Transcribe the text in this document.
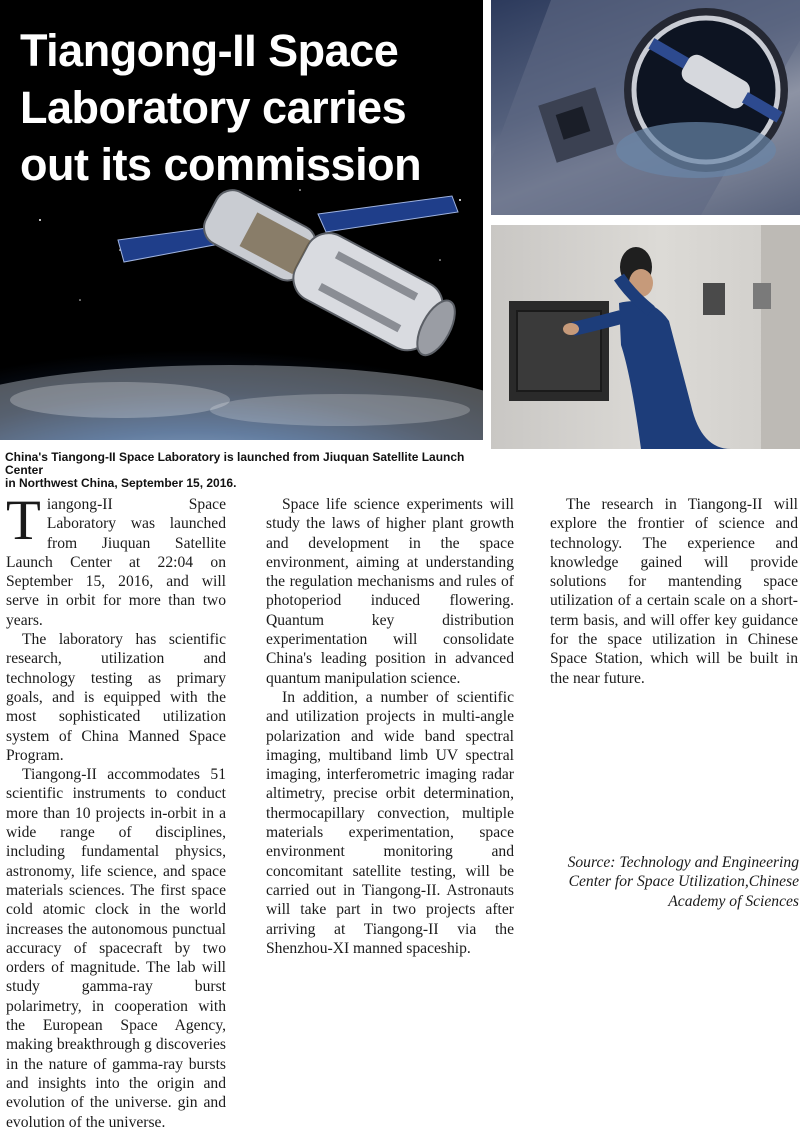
Tiangong-II Space
Laboratory carries
out its commission
China's Tiangong-II Space Laboratory is launched from Jiuquan Satellite Launch Center
in Northwest China, September 15, 2016.

Tiangong-II Space Laboratory was launched from Jiuquan Satellite Launch Center at 22:04 on September 15, 2016, and will serve in orbit for more than two years.

The laboratory has scientific research, utilization and technology testing as primary goals, and is equipped with the most sophisticated utilization system of China Manned Space Program.

Tiangong-II accommodates 51 scientific instruments to conduct more than 10 projects in-orbit in a wide range of disciplines, including fundamental physics, astronomy, life science, and space materials sciences. The first space cold atomic clock in the world increases the autonomous punctual accuracy of spacecraft by two orders of magnitude. The lab will study gamma-ray burst polarimetry, in cooperation with the European Space Agency, making breakthrough g discoveries in the nature of gamma-ray bursts and insights into the origin and evolution of the universe. gin and evolution of the universe.

Space life science experiments will study the laws of higher plant growth and development in the space environment, aiming at understanding the regulation mechanisms and rules of photoperiod induced flowering. Quantum key distribution experimentation will consolidate China's leading position in advanced quantum manipulation science.

In addition, a number of scientific and utilization projects in multi-angle polarization and wide band spectral imaging, multiband limb UV spectral imaging, interferometric imaging radar altimetry, precise orbit determination, thermocapillary convection, multiple materials experimentation, space environment monitoring and concomitant satellite testing, will be carried out in Tiangong-II. Astronauts will take part in two projects after arriving at Tiangong-II via the Shenzhou-XI manned spaceship.

The research in Tiangong-II will explore the frontier of science and technology. The experience and knowledge gained will provide solutions for mantending space utilization of a certain scale on a short-term basis, and will offer key guidance for the space utilization in Chinese Space Station, which will be built in the near future.

Source: Technology and Engineering
Center for Space Utilization,Chinese
Academy of Sciences
